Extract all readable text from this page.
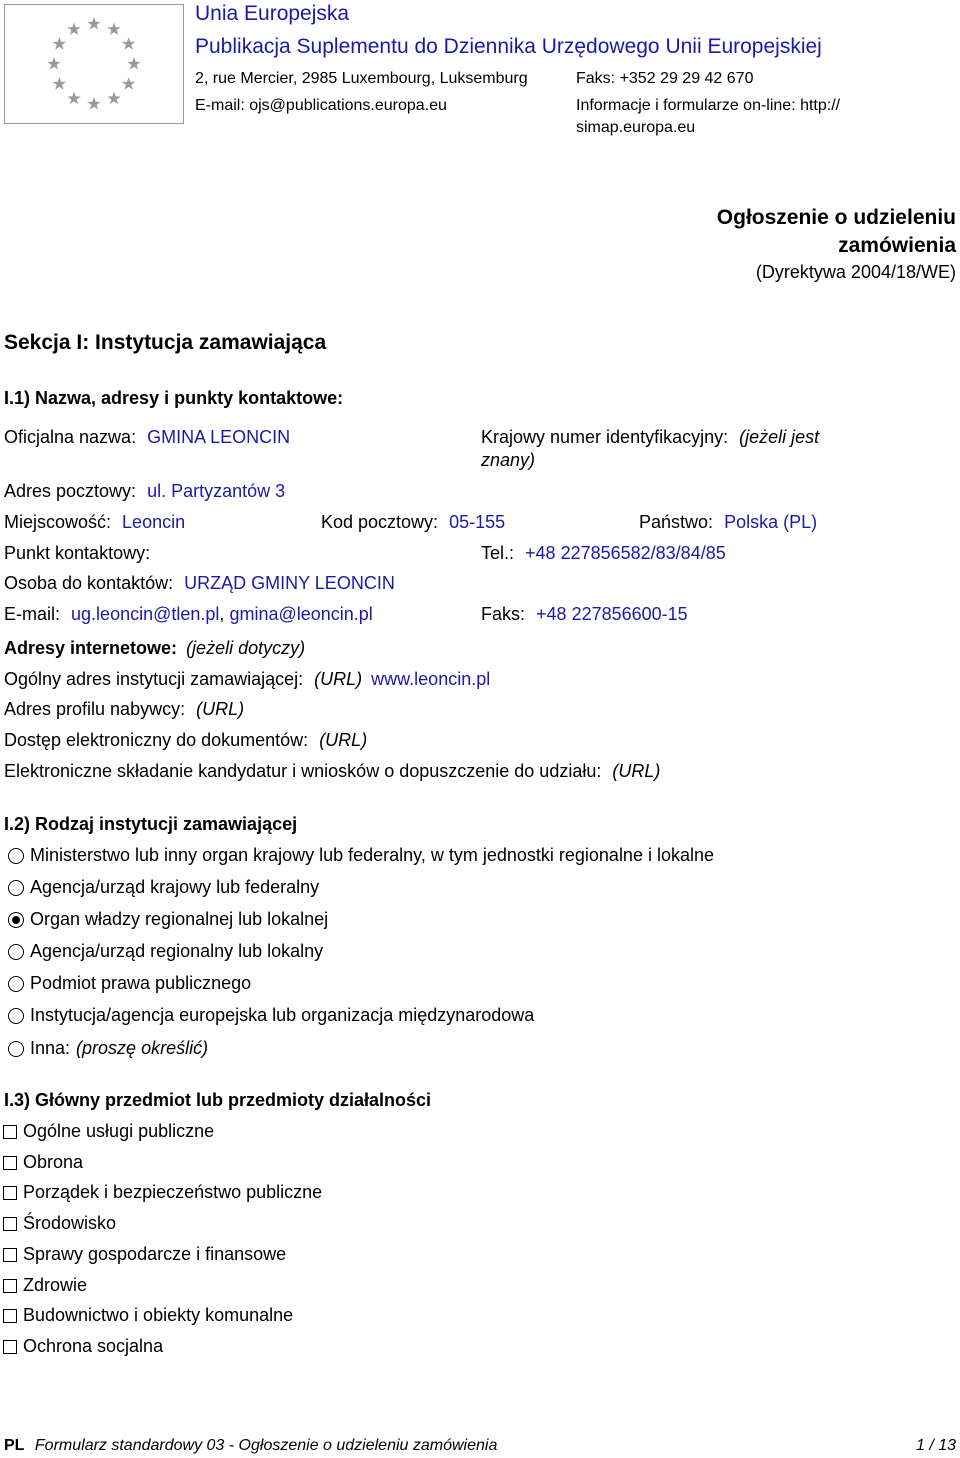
Unia Europejska
Publikacja Suplementu do Dziennika Urzędowego Unii Europejskiej
2, rue Mercier, 2985 Luxembourg, Luksemburg	Faks: +352 29 29 42 670
E-mail: ojs@publications.europa.eu	Informacje i formularze on-line: http://
simap.europa.eu
Ogłoszenie o udzieleniu
zamówienia
(Dyrektywa 2004/18/WE)
Sekcja I: Instytucja zamawiająca
I.1) Nazwa, adresy i punkty kontaktowe:
Oficjalna nazwa: GMINA LEONCIN	Krajowy numer identyfikacyjny: (jeżeli jest
znany)
Adres pocztowy: ul. Partyzantów 3
Miejscowość: Leoncin	Kod pocztowy: 05-155	Państwo: Polska (PL)
Punkt kontaktowy:	Tel.: +48 227856582/83/84/85
Osoba do kontaktów: URZĄD GMINY LEONCIN
E-mail: ug.leoncin@tlen.pl, gmina@leoncin.pl	Faks: +48 227856600-15
Adresy internetowe: (jeżeli dotyczy)
Ogólny adres instytucji zamawiającej: (URL) www.leoncin.pl
Adres profilu nabywcy: (URL)
Dostęp elektroniczny do dokumentów: (URL)
Elektroniczne składanie kandydatur i wniosków o dopuszczenie do udziału: (URL)
I.2) Rodzaj instytucji zamawiającej
Ministerstwo lub inny organ krajowy lub federalny, w tym jednostki regionalne i lokalne
Agencja/urząd krajowy lub federalny
Organ władzy regionalnej lub lokalnej
Agencja/urząd regionalny lub lokalny
Podmiot prawa publicznego
Instytucja/agencja europejska lub organizacja międzynarodowa
Inna: (proszę określić)
I.3) Główny przedmiot lub przedmioty działalności
Ogólne usługi publiczne
Obrona
Porządek i bezpieczeństwo publiczne
Środowisko
Sprawy gospodarcze i finansowe
Zdrowie
Budownictwo i obiekty komunalne
Ochrona socjalna
PL Formularz standardowy 03 - Ogłoszenie o udzieleniu zamówienia	1 / 13
